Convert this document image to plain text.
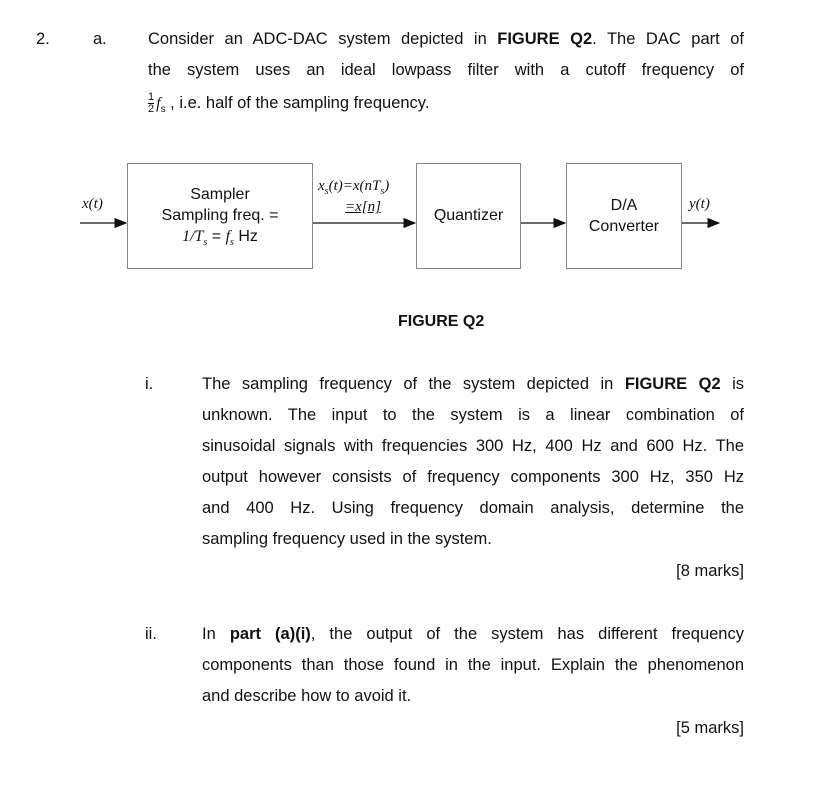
2.	a. Consider an ADC-DAC system depicted in FIGURE Q2. The DAC part of
the system uses an ideal lowpass filter with a cutoff frequency of
$\frac{1}{2} f_s$ , i.e. half of the sampling frequency.
x(t)
Sampler
Sampling freq. =
$1/T_s = f_s$ Hz
$x_s(t)=x(nT_s)$
=x[n]	Quantizer
D/A
Converter
y(t)
FIGURE Q2
i.	The sampling frequency of the system depicted in FIGURE Q2 is
unknown. The input to the system is a linear combination of
sinusoidal signals with frequencies 300 Hz, 400 Hz and 600 Hz. The
output however consists of frequency components 300 Hz, 350 Hz
and 400 Hz. Using frequency domain analysis, determine the
sampling frequency used in the system.
[8 marks]
ii.	In part (a)(i), the output of the system has different frequency
components than those found in the input. Explain the phenomenon
and describe how to avoid it.
[5 marks]
